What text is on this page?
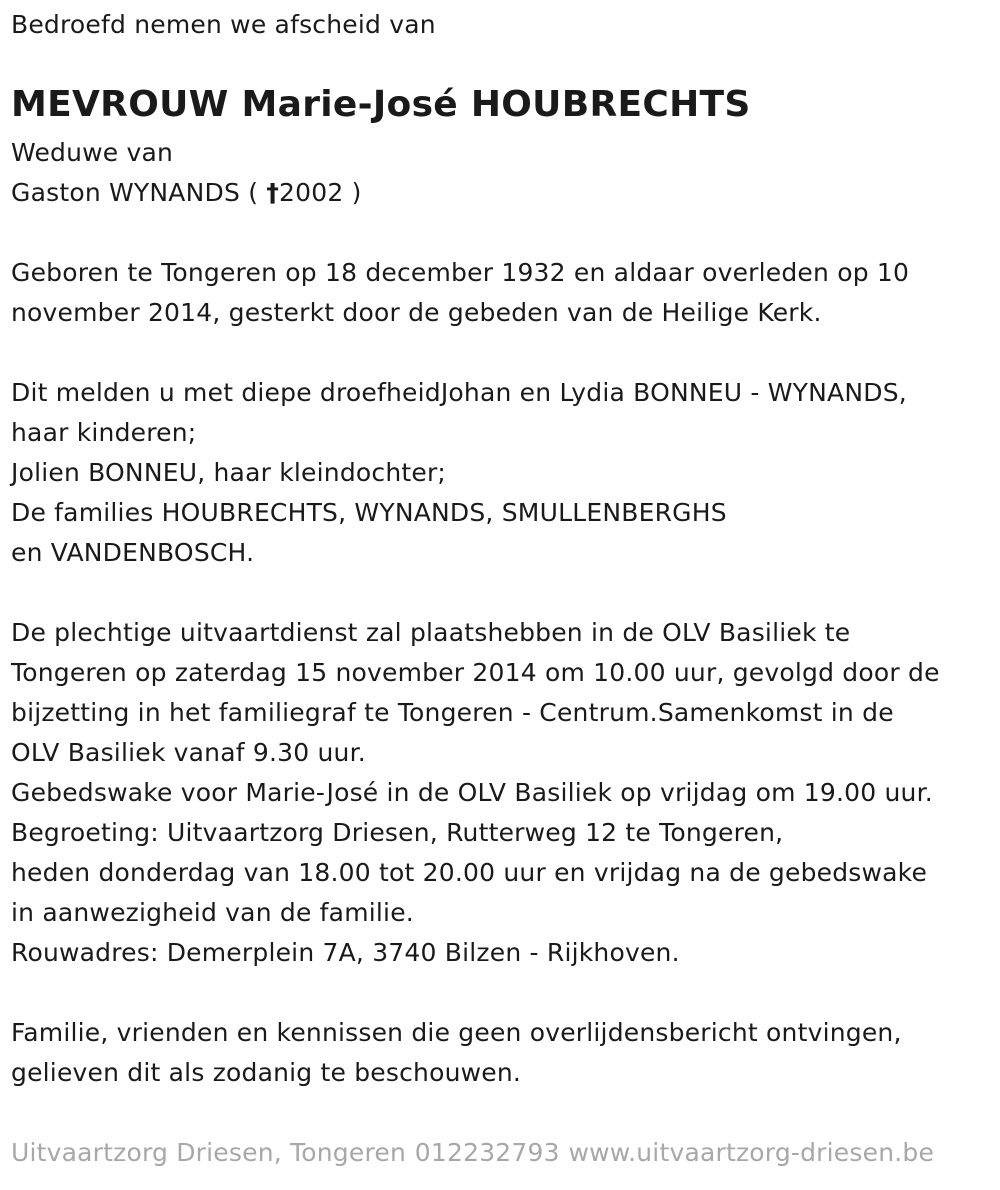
Bedroefd nemen we afscheid van
MEVROUW Marie-José HOUBRECHTS
Weduwe van
Gaston WYNANDS ( †2002 )
Geboren te Tongeren op 18 december 1932 en aldaar overleden op 10
november 2014, gesterkt door de gebeden van de Heilige Kerk.
Dit melden u met diepe droefheidJohan en Lydia BONNEU - WYNANDS,
haar kinderen;
Jolien BONNEU, haar kleindochter;
De families HOUBRECHTS, WYNANDS, SMULLENBERGHS
en VANDENBOSCH.
De plechtige uitvaartdienst zal plaatshebben in de OLV Basiliek te
Tongeren op zaterdag 15 november 2014 om 10.00 uur, gevolgd door de
bijzetting in het familiegraf te Tongeren - Centrum.Samenkomst in de
OLV Basiliek vanaf 9.30 uur.
Gebedswake voor Marie-José in de OLV Basiliek op vrijdag om 19.00 uur.
Begroeting: Uitvaartzorg Driesen, Rutterweg 12 te Tongeren,
heden donderdag van 18.00 tot 20.00 uur en vrijdag na de gebedswake
in aanwezigheid van de familie.
Rouwadres: Demerplein 7A, 3740 Bilzen - Rijkhoven.
Familie, vrienden en kennissen die geen overlijdensbericht ontvingen,
gelieven dit als zodanig te beschouwen.
Uitvaartzorg Driesen, Tongeren 012232793 www.uitvaartzorg-driesen.be
